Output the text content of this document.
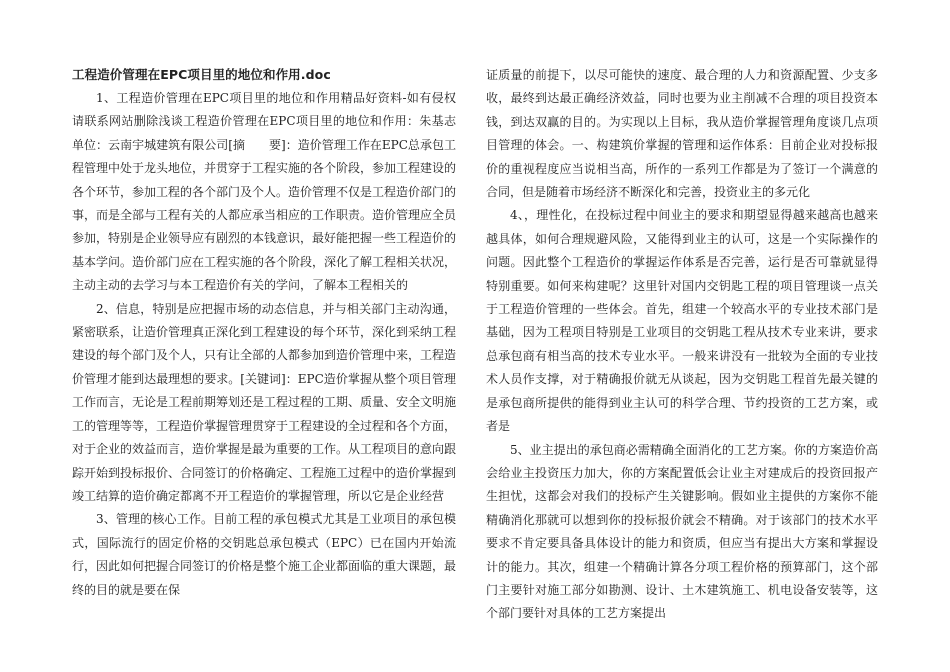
工程造价管理在EPC项目里的地位和作用.doc

1、工程造价管理在EPC项目里的地位和作用精品好资料-如有侵权请联系网站删除浅谈工程造价管理在EPC项目里的地位和作用：朱基志单位：云南宇城建筑有限公司[摘　　要]：造价管理工作在EPC总承包工程管理中处于龙头地位，并贯穿于工程实施的各个阶段，参加工程建设的各个环节，参加工程的各个部门及个人。造价管理不仅是工程造价部门的事，而是全部与工程有关的人都应承当相应的工作职责。造价管理应全员参加，特别是企业领导应有剧烈的本钱意识，最好能把握一些工程造价的基本学问。造价部门应在工程实施的各个阶段，深化了解工程相关状况，主动主动的去学习与本工程造价有关的学问，了解本工程相关的

2、信息，特别是应把握市场的动态信息，并与相关部门主动沟通，紧密联系，让造价管理真正深化到工程建设的每个环节，深化到采纳工程建设的每个部门及个人，只有让全部的人都参加到造价管理中来，工程造价管理才能到达最理想的要求。[关键词]：EPC造价掌握从整个项目管理工作而言，无论是工程前期筹划还是工程过程的工期、质量、安全文明施工的管理等等，工程造价掌握管理贯穿于工程建设的全过程和各个方面，对于企业的效益而言，造价掌握是最为重要的工作。从工程项目的意向跟踪开始到投标报价、合同签订的价格确定、工程施工过程中的造价掌握到竣工结算的造价确定都离不开工程造价的掌握管理，所以它是企业经营

3、管理的核心工作。目前工程的承包模式尤其是工业项目的承包模式，国际流行的固定价格的交钥匙总承包模式（EPC）已在国内开始流行，因此如何把握合同签订的价格是整个施工企业都面临的重大课题，最终的目的就是要在保

证质量的前提下，以尽可能快的速度、最合理的人力和资源配置、少支多收，最终到达最正确经济效益，同时也要为业主削减不合理的项目投资本钱，到达双赢的目的。为实现以上目标，我从造价掌握管理角度谈几点项目管理的体会。一、构建筑价掌握的管理和运作体系：目前企业对投标报价的重视程度应当说相当高，所作的一系列工作都是为了签订一个满意的合同，但是随着市场经济不断深化和完善，投资业主的多元化

4、，理性化，在投标过程中间业主的要求和期望显得越来越高也越来越具体，如何合理规避风险，又能得到业主的认可，这是一个实际操作的问题。因此整个工程造价的掌握运作体系是否完善，运行是否可靠就显得特别重要。如何来构建呢？这里针对国内交钥匙工程的项目管理谈一点关于工程造价管理的一些体会。首先，组建一个较高水平的专业技术部门是基础，因为工程项目特别是工业项目的交钥匙工程从技术专业来讲，要求总承包商有相当高的技术专业水平。一般来讲没有一批较为全面的专业技术人员作支撑，对于精确报价就无从谈起，因为交钥匙工程首先最关键的是承包商所提供的能得到业主认可的科学合理、节约投资的工艺方案，或者是

5、业主提出的承包商必需精确全面消化的工艺方案。你的方案造价高会给业主投资压力加大，你的方案配置低会让业主对建成后的投资回报产生担忧，这都会对我们的投标产生关键影响。假如业主提供的方案你不能精确消化那就可以想到你的投标报价就会不精确。对于该部门的技术水平要求不肯定要具备具体设计的能力和资质，但应当有提出大方案和掌握设计的能力。其次，组建一个精确计算各分项工程价格的预算部门，这个部门主要针对施工部分如勘测、设计、土木建筑施工、机电设备安装等，这个部门要针对具体的工艺方案提出
